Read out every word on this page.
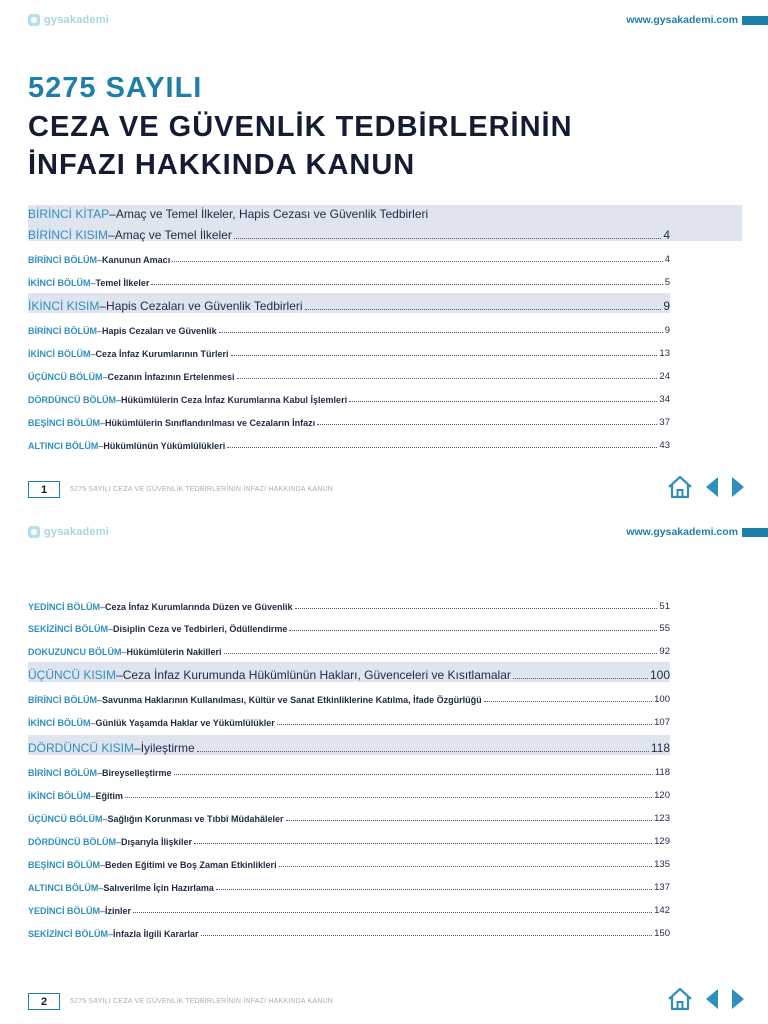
gysakademi	www.gysakademi.com
5275 SAYILI
CEZA VE GÜVENLİK TEDBİRLERİNİN
İNFAZI HAKKINDA KANUN
BİRİNCİ KİTAP–Amaç ve Temel İlkeler, Hapis Cezası ve Güvenlik Tedbirleri
BİRİNCİ KISIM – Amaç ve Temel İlkeler	4
BİRİNCİ BÖLÜM – Kanunun Amacı	4
İKİNCİ BÖLÜM – Temel İlkeler	5
İKİNCİ KISIM – Hapis Cezaları ve Güvenlik Tedbirleri	9
BİRİNCİ BÖLÜM – Hapis Cezaları ve Güvenlik	9
İKİNCİ BÖLÜM – Ceza İnfaz Kurumlarının Türleri	13
ÜÇÜNCÜ BÖLÜM – Cezanın İnfazının Ertelenmesi	24
DÖRDÜNCÜ BÖLÜM – Hükümlülerin Ceza İnfaz Kurumlarına Kabul İşlemleri	34
BEŞİNCİ BÖLÜM – Hükümlülerin Sınıflandırılması ve Cezaların İnfazı	37
ALTINCI BÖLÜM – Hükümlünün Yükümlülükleri	43
1	5275 SAYILI CEZA VE GÜVENLİK TEDBİRLERİNİN İNFAZI HAKKINDA KANUN
gysakademi	www.gysakademi.com
YEDİNCİ BÖLÜM – Ceza İnfaz Kurumlarında Düzen ve Güvenlik	51
SEKİZİNCİ BÖLÜM – Disiplin Ceza ve Tedbirleri, Ödüllendirme	55
DOKUZUNCU BÖLÜM – Hükümlülerin Nakilleri	92
ÜÇÜNCÜ KISIM – Ceza İnfaz Kurumunda Hükümlünün Hakları, Güvenceleri ve Kısıtlamalar	100
BİRİNCİ BÖLÜM – Savunma Haklarının Kullanılması, Kültür ve Sanat Etkinliklerine Katılma, İfade Özgürlüğü	100
İKİNCİ BÖLÜM – Günlük Yaşamda Haklar ve Yükümlülükler	107
DÖRDÜNCÜ KISIM – İyileştirme	118
BİRİNCİ BÖLÜM – Bireyselleştirme	118
İKİNCİ BÖLÜM – Eğitim	120
ÜÇÜNCÜ BÖLÜM – Sağlığın Korunması ve Tıbbî Müdahâleler	123
DÖRDÜNCÜ BÖLÜM – Dışarıyla İlişkiler	129
BEŞİNCİ BÖLÜM – Beden Eğitimi ve Boş Zaman Etkinlikleri	135
ALTINCI BÖLÜM – Salıverilme İçin Hazırlama	137
YEDİNCİ BÖLÜM – İzinler	142
SEKİZİNCİ BÖLÜM – İnfazla İlgili Kararlar	150
2	5275 SAYILI CEZA VE GÜVENLİK TEDBİRLERİNİN İNFAZI HAKKINDA KANUN
